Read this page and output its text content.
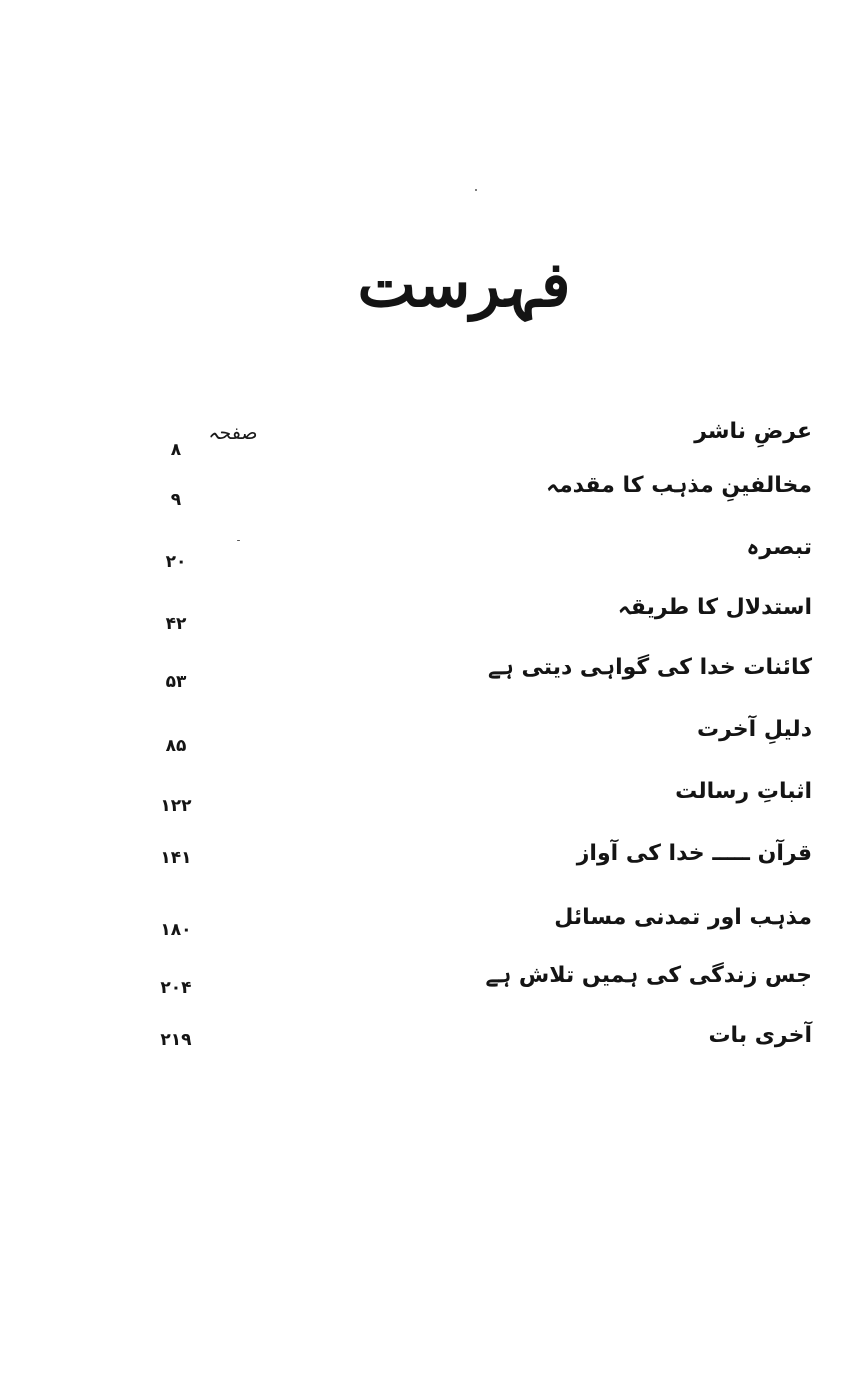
فہرست
صفحہ	عرضِ ناشر
۸
مخالفینِ مذہب کا مقدمہ
۹
تبصرہ
۲۰
استدلال کا طریقہ
۴۲
کائنات خدا کی گواہی دیتی ہے
۵۳
دلیلِ آخرت
۸۵
اثباتِ رسالت
۱۲۲
قرآن ـــــ خدا کی آواز
۱۴۱
مذہب اور تمدنی مسائل
۱۸۰
جس زندگی کی ہمیں تلاش ہے
۲۰۴
آخری بات
۲۱۹
